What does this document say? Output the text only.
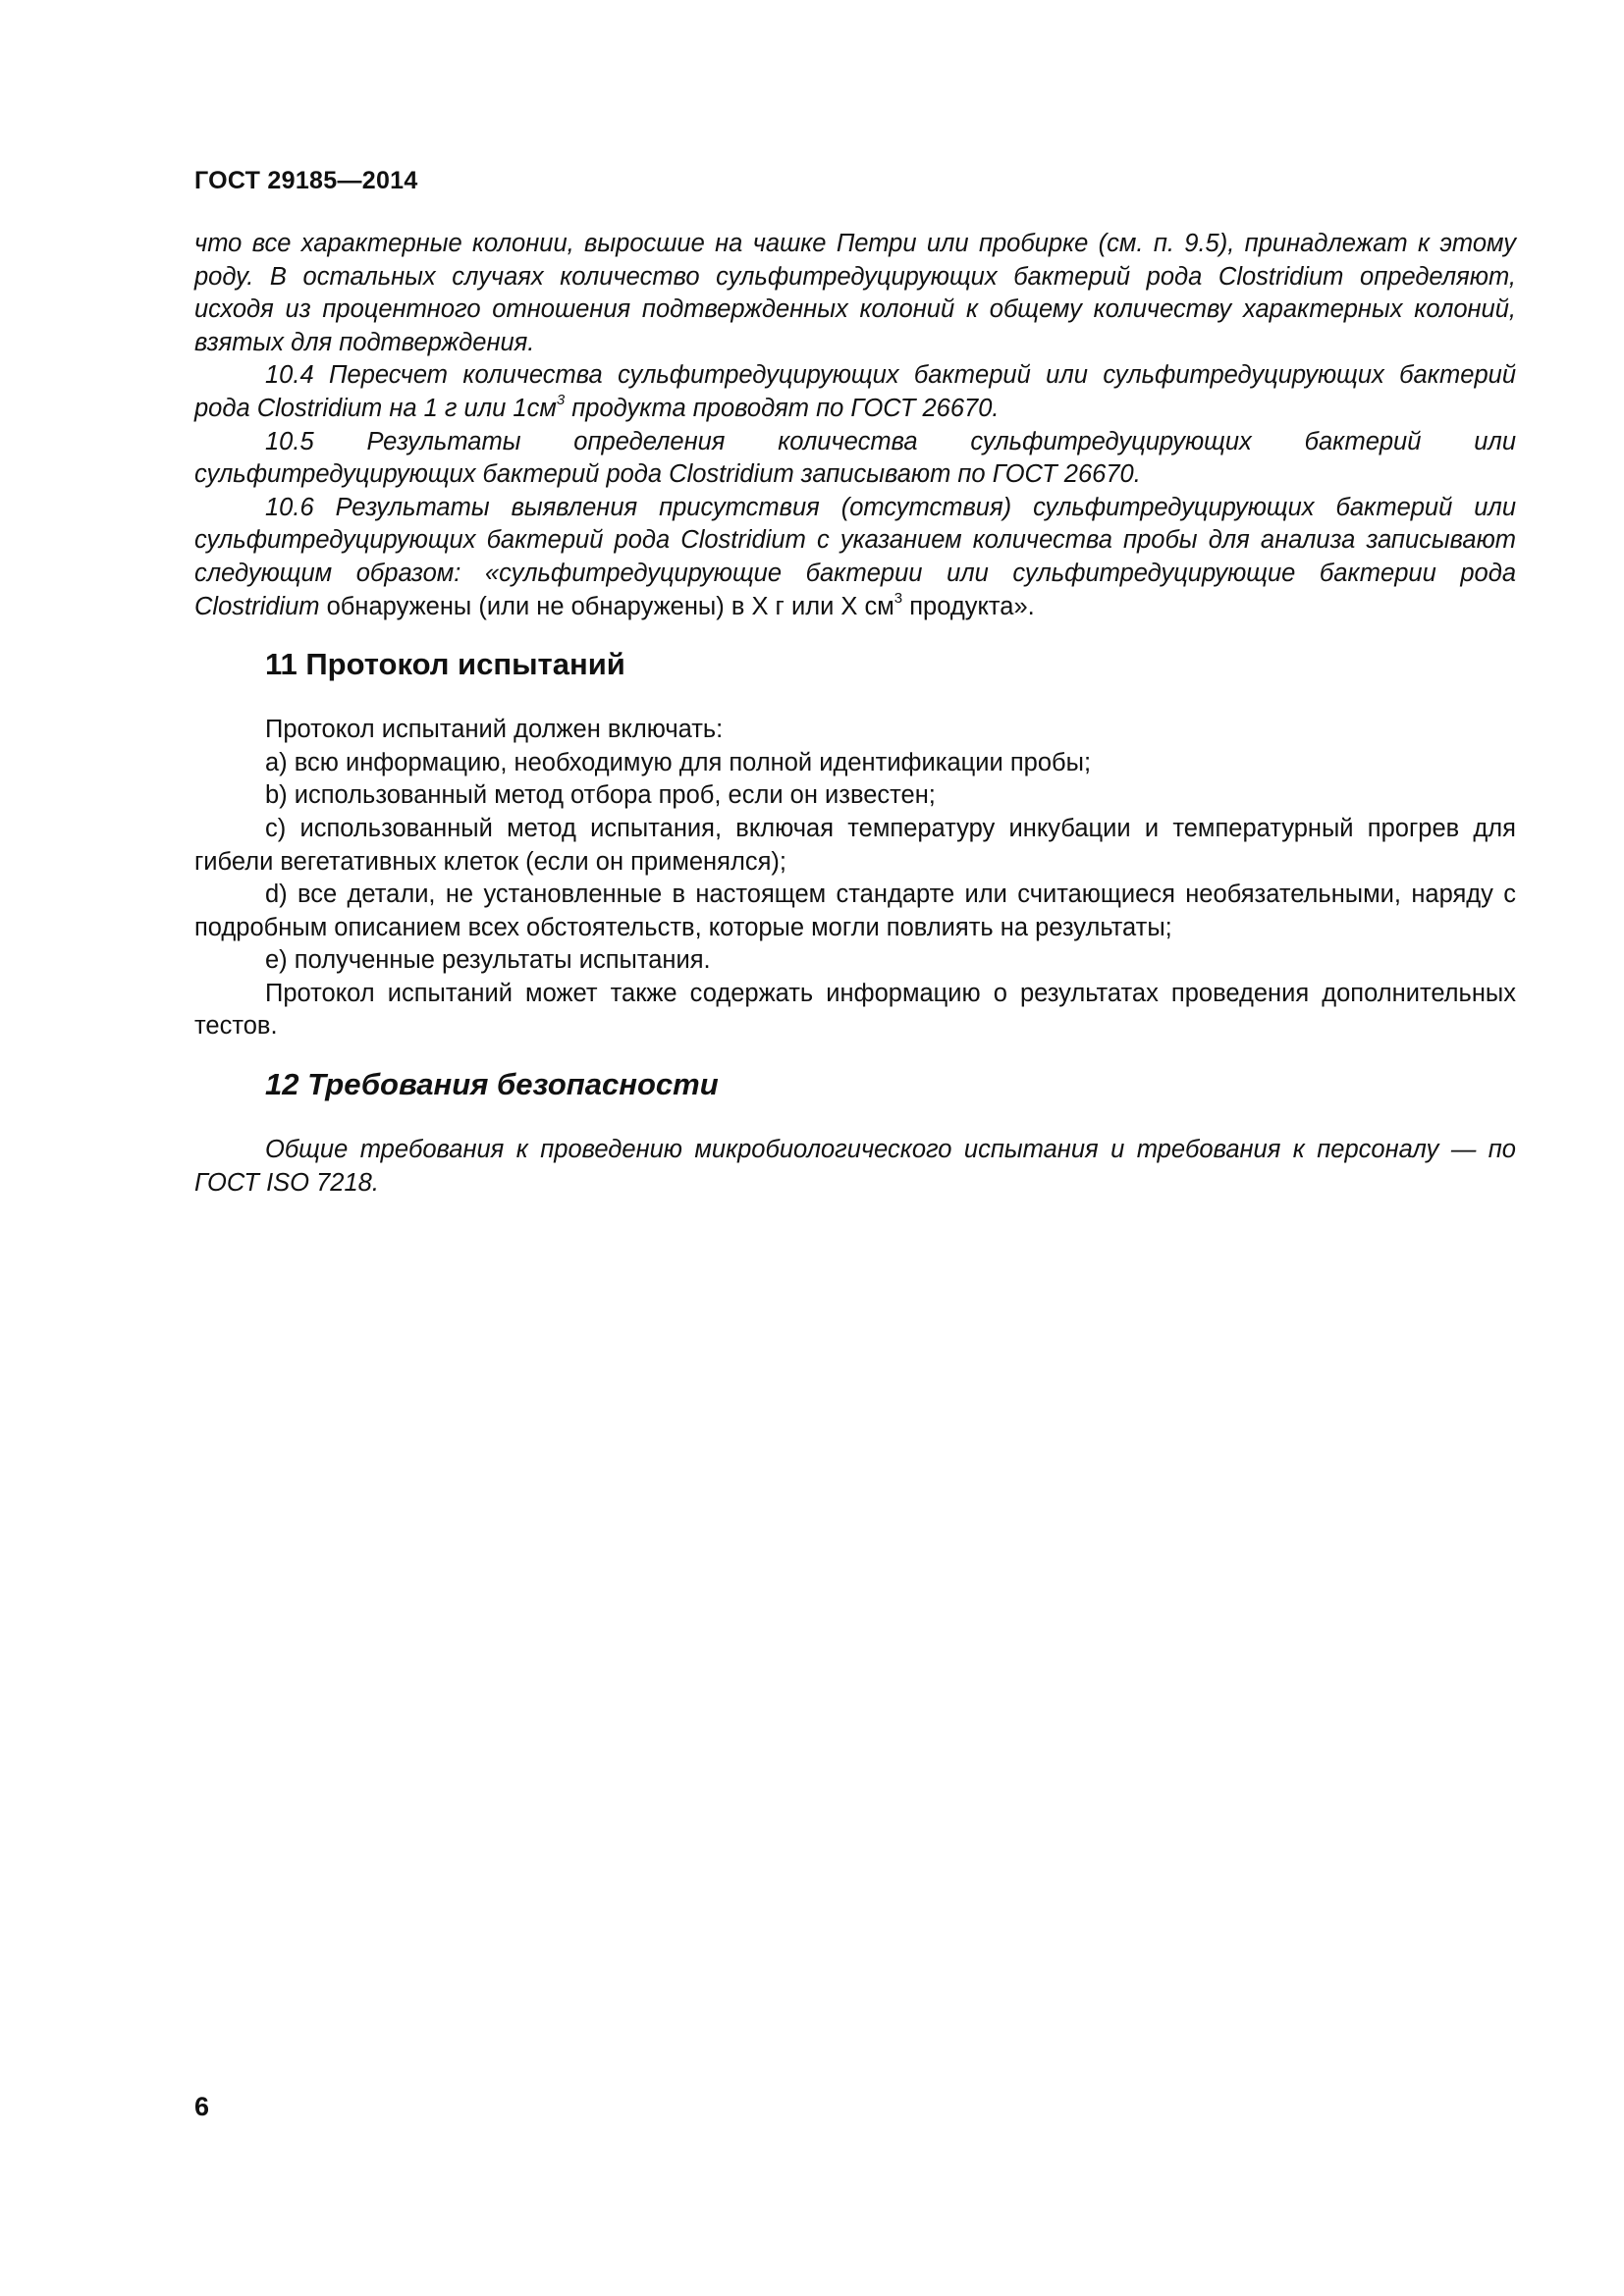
ГОСТ 29185—2014

что все характерные колонии, выросшие на чашке Петри или пробирке (см. п. 9.5), принадлежат к этому роду. В остальных случаях количество сульфитредуцирующих бактерий рода Clostridium определяют, исходя из процентного отношения подтвержденных колоний к общему количеству характерных колоний, взятых для подтверждения.

10.4 Пересчет количества сульфитредуцирующих бактерий или сульфитредуцирующих бактерий рода Clostridium на 1 г или $1см^3$ продукта проводят по ГОСТ 26670.

10.5 Результаты определения количества сульфитредуцирующих бактерий или сульфитредуцирующих бактерий рода Clostridium записывают по ГОСТ 26670.

10.6 Результаты выявления присутствия (отсутствия) сульфитредуцирующих бактерий или сульфитредуцирующих бактерий рода Clostridium с указанием количества пробы для анализа записывают следующим образом: «сульфитредуцирующие бактерии или сульфитредуцирующие бактерии рода Clostridium обнаружены (или не обнаружены) в Х г или Х $см^3$ продукта».

11 Протокол испытаний

Протокол испытаний должен включать:

а) всю информацию, необходимую для полной идентификации пробы;

b) использованный метод отбора проб, если он известен;

с) использованный метод испытания, включая температуру инкубации и температурный прогрев для гибели вегетативных клеток (если он применялся);

d) все детали, не установленные в настоящем стандарте или считающиеся необязательными, наряду с подробным описанием всех обстоятельств, которые могли повлиять на результаты;

е) полученные результаты испытания.

Протокол испытаний может также содержать информацию о результатах проведения дополнительных тестов.

12 Требования безопасности

Общие требования к проведению микробиологического испытания и требования к персоналу — по ГОСТ ISO 7218.

6
